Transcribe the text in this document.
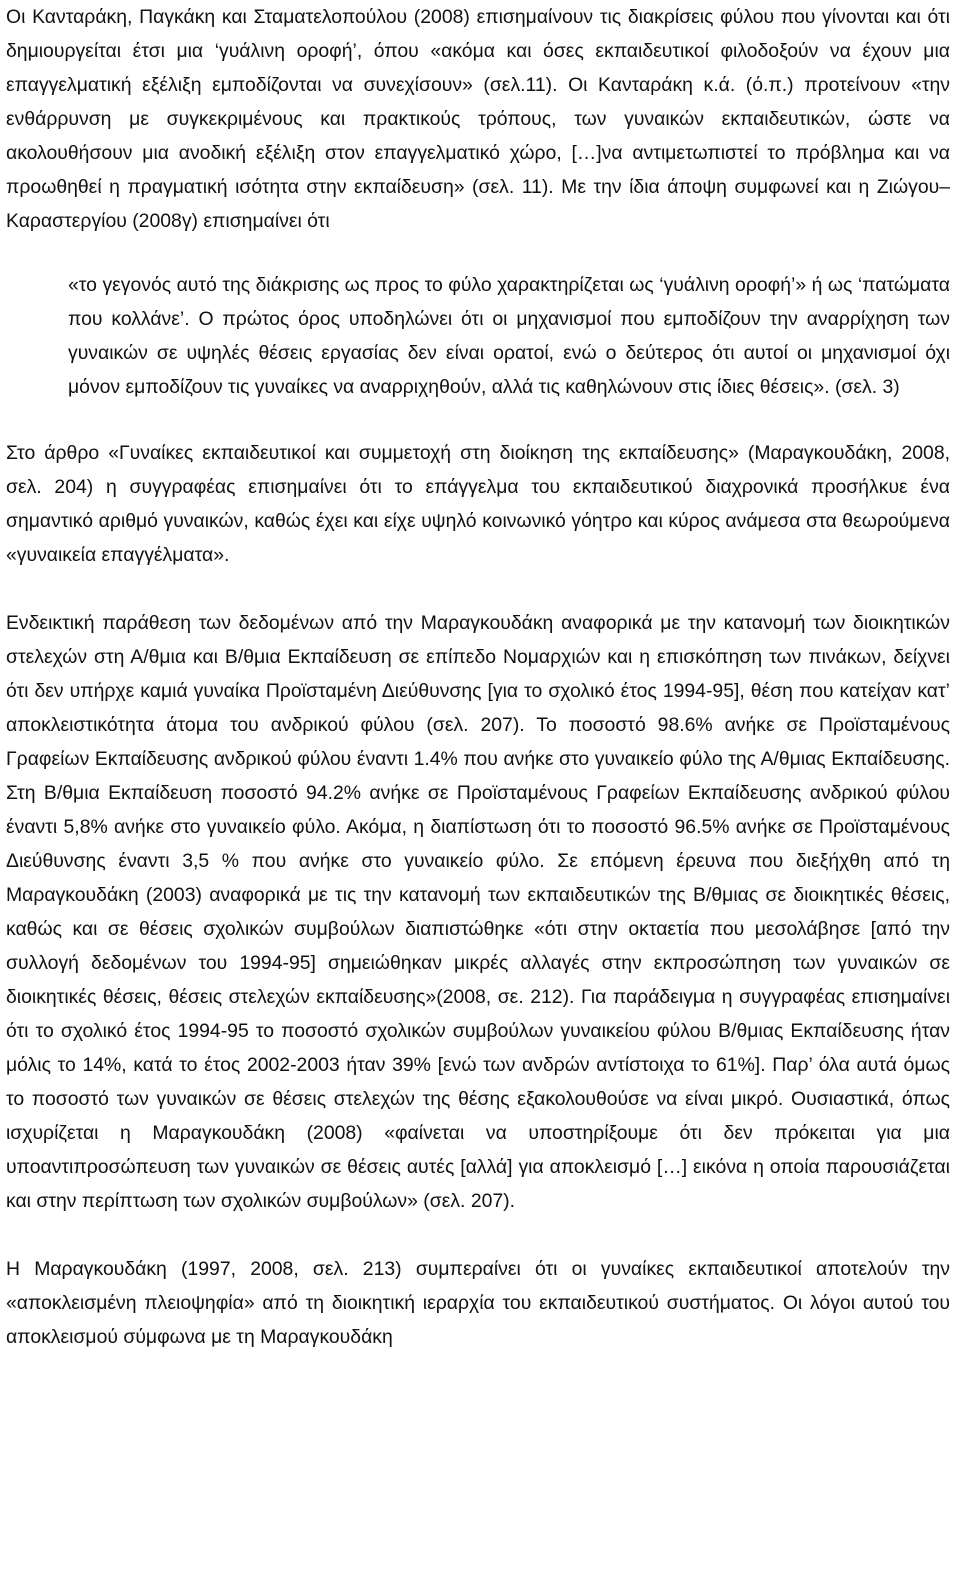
Οι Κανταράκη, Παγκάκη και Σταματελοπούλου (2008) επισημαίνουν τις διακρίσεις φύλου που γίνονται και ότι δημιουργείται έτσι μια ‘γυάλινη οροφή’, όπου «ακόμα και όσες εκπαιδευτικοί φιλοδοξούν να έχουν μια επαγγελματική εξέλιξη εμποδίζονται να συνεχίσουν» (σελ.11). Οι Κανταράκη κ.ά. (ό.π.) προτείνουν «την ενθάρρυνση με συγκεκριμένους και πρακτικούς τρόπους, των γυναικών εκπαιδευτικών, ώστε να ακολουθήσουν μια ανοδική εξέλιξη στον επαγγελματικό χώρο, […]να αντιμετωπιστεί το πρόβλημα και να προωθηθεί η πραγματική ισότητα στην εκπαίδευση» (σελ. 11). Με την ίδια άποψη συμφωνεί και η Ζιώγου–Καραστεργίου (2008γ) επισημαίνει ότι

«το γεγονός αυτό της διάκρισης ως προς το φύλο χαρακτηρίζεται ως ‘γυάλινη οροφή’» ή ως ‘πατώματα που κολλάνε’. Ο πρώτος όρος υποδηλώνει ότι οι μηχανισμοί που εμποδίζουν την αναρρίχηση των γυναικών σε υψηλές θέσεις εργασίας δεν είναι ορατοί, ενώ ο δεύτερος ότι αυτοί οι μηχανισμοί όχι μόνον εμποδίζουν τις γυναίκες να αναρριχηθούν, αλλά τις καθηλώνουν στις ίδιες θέσεις». (σελ. 3)

Στο άρθρο «Γυναίκες εκπαιδευτικοί και συμμετοχή στη διοίκηση της εκπαίδευσης» (Μαραγκουδάκη, 2008, σελ. 204) η συγγραφέας επισημαίνει ότι το επάγγελμα του εκπαιδευτικού διαχρονικά προσήλκυε ένα σημαντικό αριθμό γυναικών, καθώς έχει και είχε υψηλό κοινωνικό γόητρο και κύρος ανάμεσα στα θεωρούμενα «γυναικεία επαγγέλματα».

Ενδεικτική παράθεση των δεδομένων από την Μαραγκουδάκη αναφορικά με την κατανομή των διοικητικών στελεχών στη Α/θμια και Β/θμια Εκπαίδευση σε επίπεδο Νομαρχιών και η επισκόπηση των πινάκων, δείχνει ότι δεν υπήρχε καμιά γυναίκα Προϊσταμένη Διεύθυνσης [για το σχολικό έτος 1994-95], θέση που κατείχαν κατ’ αποκλειστικότητα άτομα του ανδρικού φύλου (σελ. 207). Το ποσοστό 98.6% ανήκε σε Προϊσταμένους Γραφείων Εκπαίδευσης ανδρικού φύλου έναντι 1.4% που ανήκε στο γυναικείο φύλο της Α/θμιας Εκπαίδευσης. Στη Β/θμια Εκπαίδευση ποσοστό 94.2% ανήκε σε Προϊσταμένους Γραφείων Εκπαίδευσης ανδρικού φύλου έναντι 5,8% ανήκε στο γυναικείο φύλο. Ακόμα, η διαπίστωση ότι το ποσοστό 96.5% ανήκε σε Προϊσταμένους Διεύθυνσης έναντι 3,5 % που ανήκε στο γυναικείο φύλο. Σε επόμενη έρευνα που διεξήχθη από τη Μαραγκουδάκη (2003) αναφορικά με τις την κατανομή των εκπαιδευτικών της Β/θμιας σε διοικητικές θέσεις, καθώς και σε θέσεις σχολικών συμβούλων διαπιστώθηκε «ότι στην οκταετία που μεσολάβησε [από την συλλογή δεδομένων του 1994-95] σημειώθηκαν μικρές αλλαγές στην εκπροσώπηση των γυναικών σε διοικητικές θέσεις, θέσεις στελεχών εκπαίδευσης»(2008, σε. 212). Για παράδειγμα η συγγραφέας επισημαίνει ότι το σχολικό έτος 1994-95 το ποσοστό σχολικών συμβούλων γυναικείου φύλου Β/θμιας Εκπαίδευσης ήταν μόλις το 14%, κατά το έτος 2002-2003 ήταν 39% [ενώ των ανδρών αντίστοιχα το 61%]. Παρ’ όλα αυτά όμως το ποσοστό των γυναικών σε θέσεις στελεχών της θέσης εξακολουθούσε να είναι μικρό. Ουσιαστικά, όπως ισχυρίζεται η Μαραγκουδάκη (2008) «φαίνεται να υποστηρίξουμε ότι δεν πρόκειται για μια υποαντιπροσώπευση των γυναικών σε θέσεις αυτές [αλλά] για αποκλεισμό […] εικόνα η οποία παρουσιάζεται και στην περίπτωση των σχολικών συμβούλων» (σελ. 207).

Η Μαραγκουδάκη (1997, 2008, σελ. 213) συμπεραίνει ότι οι γυναίκες εκπαιδευτικοί αποτελούν την «αποκλεισμένη πλειοψηφία» από τη διοικητική ιεραρχία του εκπαιδευτικού συστήματος. Οι λόγοι αυτού του αποκλεισμού σύμφωνα με τη Μαραγκουδάκη
